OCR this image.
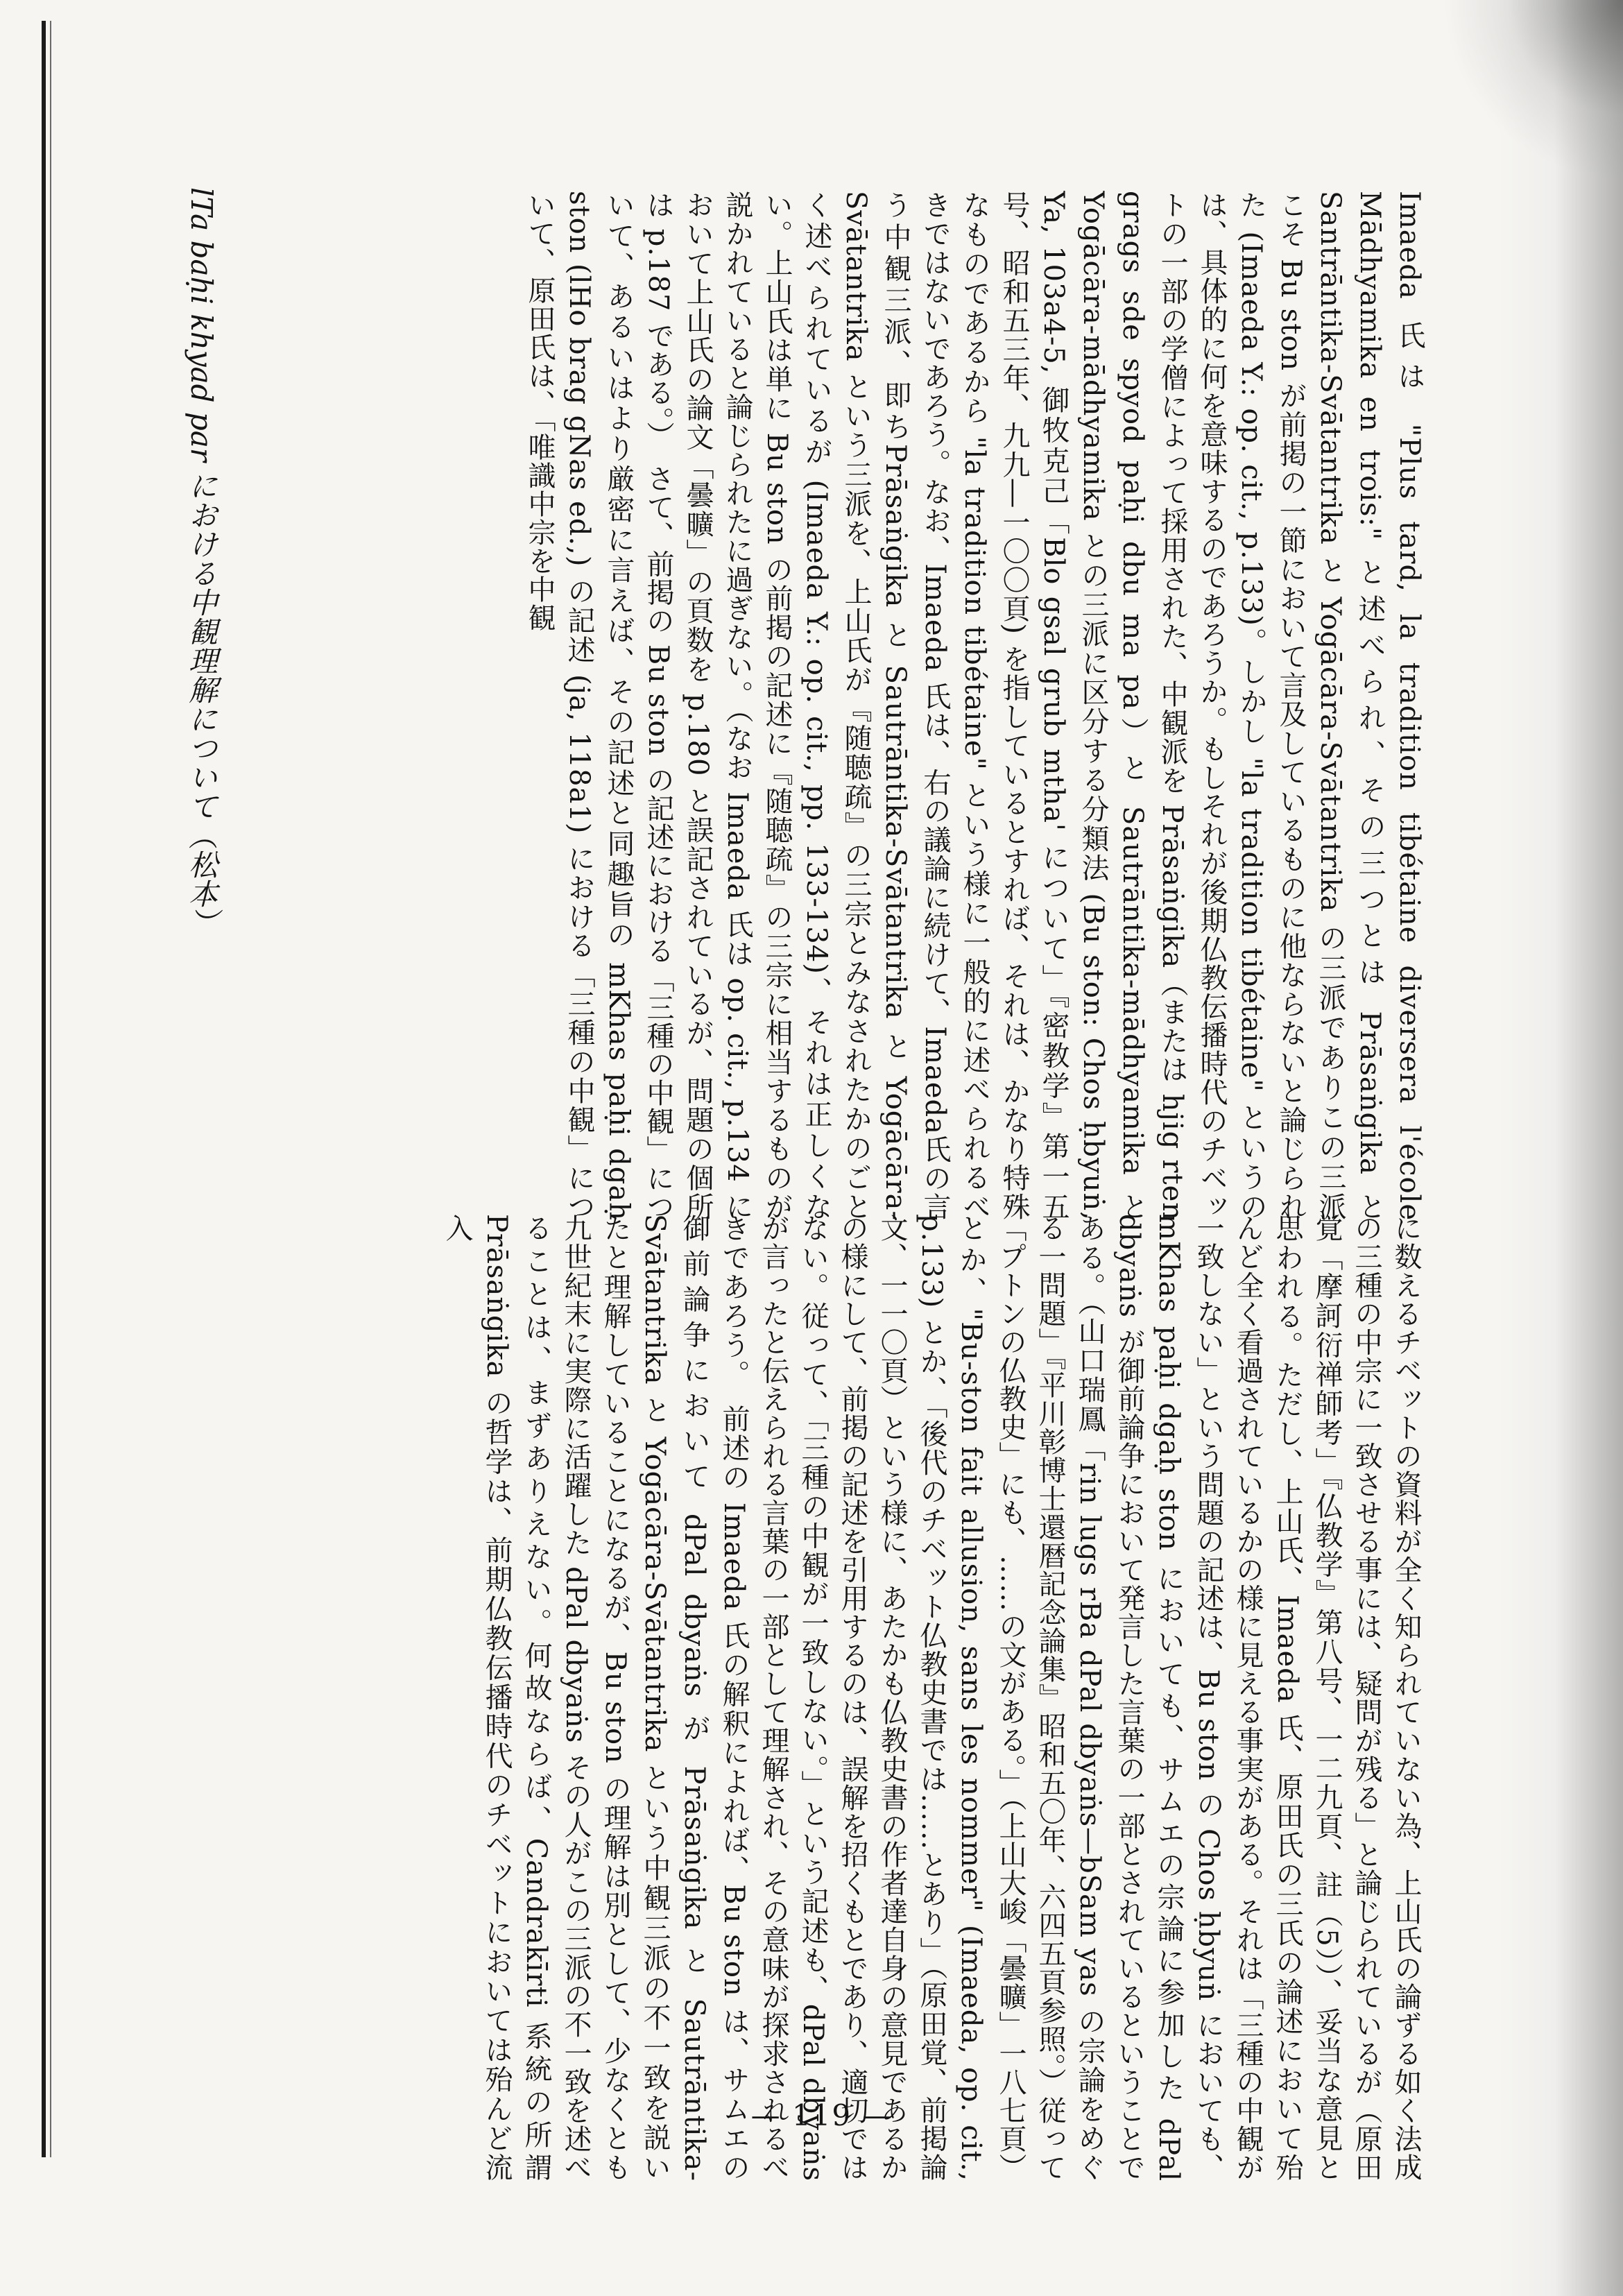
Imaeda 氏は "Plus tard, la tradition tibétaine diversera l'école Mādhyamika en trois:" と述べられ、その三つとは Prāsaṅgika と Santrāntika-Svātantrika と Yogācāra-Svātantrika の三派でありこの三派こそ Bu ston が前掲の一節において言及しているものに他ならないと論じられた (Imaeda Y.: op. cit., p.133)。しかし "la tradition tibétaine" というのは、具体的に何を意味するのであろうか。もしそれが後期仏教伝播時代のチベットの一部の学僧によって採用された、中観派を Prāsaṅgika（または hjig rten grags sde spyod paḥi dbu ma pa）と Sautrāntika-mādhyamika と Yogācāra-mādhyamika との三派に区分する分類法 (Bu ston: Chos ḥbyuṅ, Ya, 103a4-5, 御牧克己「Blo gsal grub mtha' について」『密教学』第一五号、昭和五三年、九九―一〇〇頁) を指しているとすれば、それは、かなり特殊なものであるから "la tradition tibétaine" という様に一般的に述べられるべきではないであろう。なお、Imaeda 氏は、右の議論に続けて、Imaeda氏の言う中観三派、即ちPrāsaṅgika と Sautrāntika-Svātantrika と Yogācāra-Svātantrika という三派を、上山氏が『随聴疏』の三宗とみなされたかのごとく述べられているが (Imaeda Y.: op. cit., pp. 133-134)、それは正しくない。上山氏は単に Bu ston の前掲の記述に『随聴疏』の三宗に相当するものが説かれていると論じられたに過ぎない。（なお Imaeda 氏は op. cit., p.134 において上山氏の論文「曇曠」の頁数を p.180 と誤記されているが、問題の個所は p.187 である。）　さて、前掲の Bu ston の記述における「三種の中観」について、あるいはより厳密に言えば、その記述と同趣旨の mKhas paḥi dgaḥ ston (lHo brag gNas ed.,) の記述 (ja, 118a1) における「三種の中観」について、原田氏は、「唯識中宗を中観

に数えるチベットの資料が全く知られていない為、上山氏の論ずる如く法成の三種の中宗に一致させる事には、疑問が残る」と論じられているが（原田覚「摩訶衍禅師考」『仏教学』第八号、一二九頁、註（5））、妥当な意見と思われる。ただし、上山氏、Imaeda 氏、原田氏の三氏の論述において殆んど全く看過されているかの様に見える事実がある。それは「三種の中観が一致しない」という問題の記述は、Bu ston の Chos ḥbyuṅ においても、mKhas paḥi dgaḥ ston においても、サムエの宗論に参加した dPal dbyaṅs が御前論争において発言した言葉の一部とされているということである。（山口瑞鳳「rin lugs rBa dPal dbyaṅs—bSam yas の宗論をめぐる一問題」『平川彰博士還暦記念論集』昭和五〇年、六四五頁参照。）従って「プトンの仏教史」にも、……の文がある。」（上山大峻「曇曠」一八七頁）とか、"Bu-ston fait allusion, sans les nommer" (Imaeda, op. cit., p.133) とか、「後代のチベット仏教史書では……とあり」（原田覚、前掲論文、一一〇頁）という様に、あたかも仏教史書の作者達自身の意見であるかの様にして、前掲の記述を引用するのは、誤解を招くもとであり、適切ではない。従って、「三種の中観が一致しない。」という記述も、dPal dbyaṅs が言ったと伝えられる言葉の一部として理解され、その意味が探求されるべきであろう。　前述の Imaeda 氏の解釈によれば、Bu ston は、サムエの御前論争において dPal dbyaṅs が Prāsaṅgika と Sautrāntika-Svātantrika と Yogācāra-Svātantrika という中観三派の不一致を説いたと理解していることになるが、Bu ston の理解は別として、少なくとも九世紀末に実際に活躍した dPal dbyaṅs その人がこの三派の不一致を述べることは、まずありえない。何故ならば、Candrakīrti 系統の所謂 Prāsaṅgika の哲学は、前期仏教伝播時代のチベットにおいては殆んど流入

lTa baḥi khyad par における中観理解について（松本）
— 119 —
